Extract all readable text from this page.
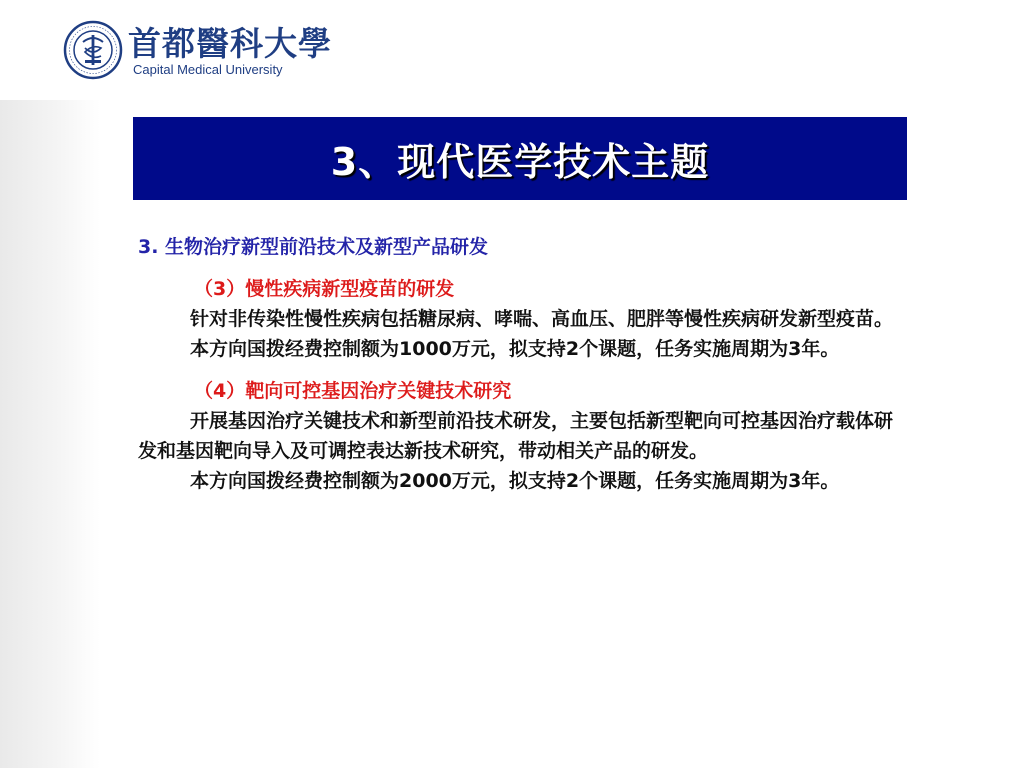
首都醫科大學
Capital Medical University
3、现代医学技术主题
3. 生物治疗新型前沿技术及新型产品研发
（3）慢性疾病新型疫苗的研发

针对非传染性慢性疾病包括糖尿病、哮喘、高血压、肥胖等慢性疾病研发新型疫苗。

本方向国拨经费控制额为1000万元，拟支持2个课题，任务实施周期为3年。

（4）靶向可控基因治疗关键技术研究

开展基因治疗关键技术和新型前沿技术研发，主要包括新型靶向可控基因治疗载体研发和基因靶向导入及可调控表达新技术研究，带动相关产品的研发。

本方向国拨经费控制额为2000万元，拟支持2个课题，任务实施周期为3年。
